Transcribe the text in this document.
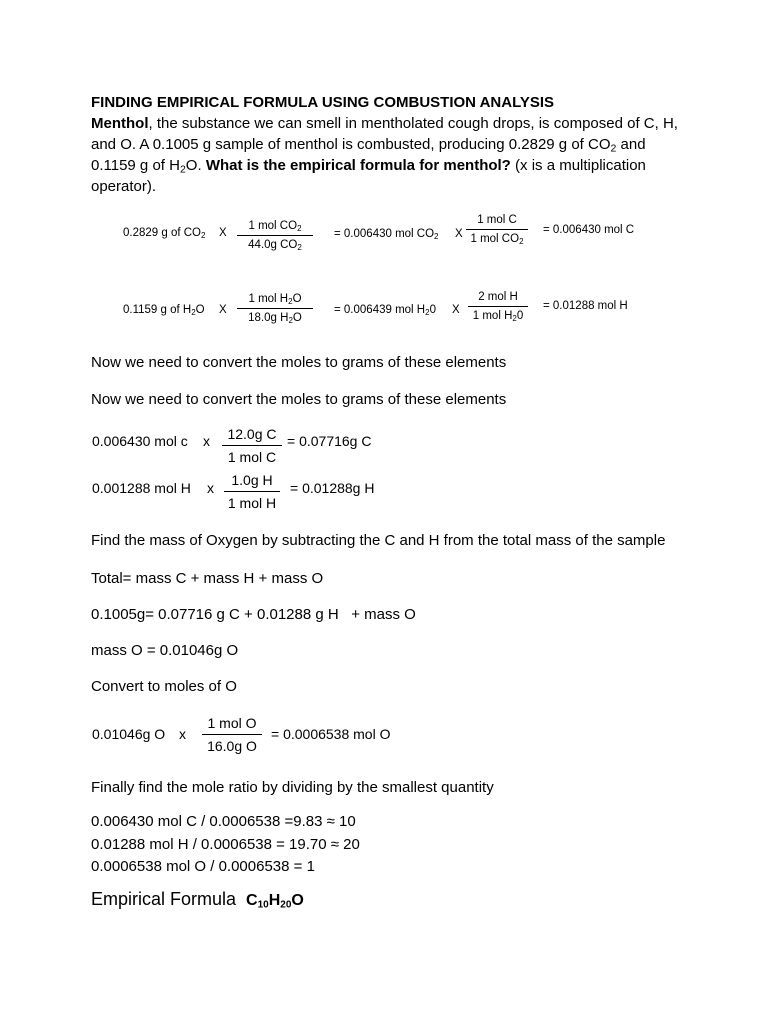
FINDING EMPIRICAL FORMULA USING COMBUSTION ANALYSIS
Menthol, the substance we can smell in mentholated cough drops, is composed of C, H, and O. A 0.1005 g sample of menthol is combusted, producing 0.2829 g of $CO_2$ and 0.1159 g of $H_2O$. What is the empirical formula for menthol? (x is a multiplication operator).
0.2829 g of $CO_2$ X
1 mol $CO_2$
44.0g $CO_2$
= 0.006430 mol $CO_2$ X
1 mol C
1 mol $CO_2$
= 0.006430 mol C
0.1159 g of $H_2O$ X
1 mol $H_2O$
18.0g $H_2O$
= 0.006439 mol $H_20$ X
2 mol H
1 mol $H_20$
= 0.01288 mol H
Now we need to convert the moles to grams of these elements
Now we need to convert the moles to grams of these elements
0.006430 mol c x 12.0g C
1 mol C
= 0.07716g C
0.001288 mol H x 1.0g H
1 mol H
= 0.01288g H
Find the mass of Oxygen by subtracting the C and H from the total mass of the sample
Total= mass C + mass H + mass O
0.1005g= 0.07716 g C + 0.01288 g H   + mass O
mass O = 0.01046g O
Convert to moles of O
0.01046g O x
1 mol O
16.0g O
= 0.0006538 mol O
Finally find the mole ratio by dividing by the smallest quantity
0.006430 mol C / 0.0006538 =9.83 ≈ 10
0.01288 mol H / 0.0006538 = 19.70 ≈ 20
0.0006538 mol O / 0.0006538 = 1
Empirical Formula $C_{10}H_{20}O$
